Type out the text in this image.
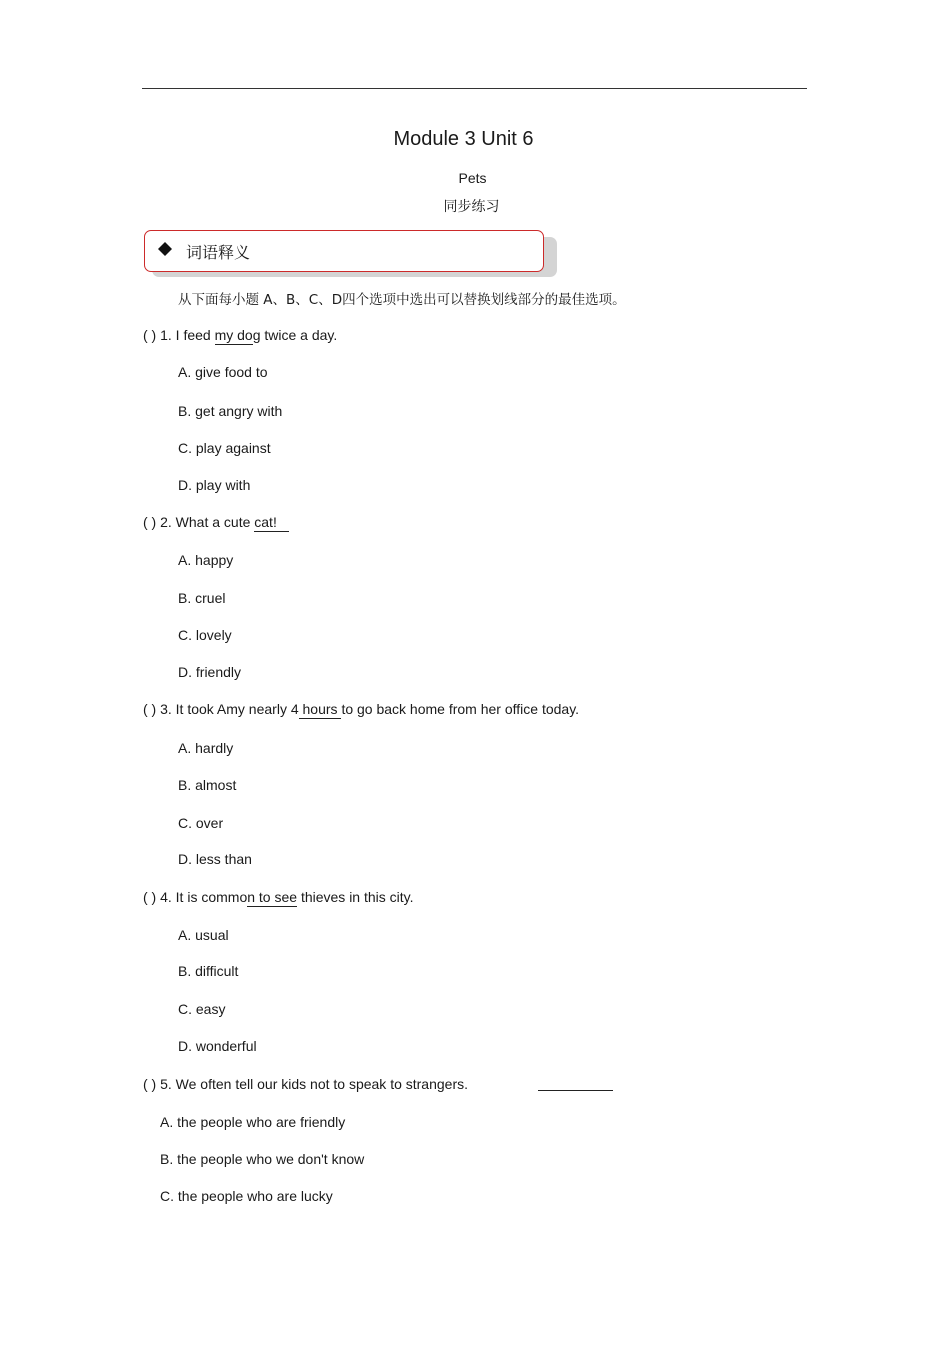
Module 3 Unit 6
Pets
同步练习
词语释义
从下面每小题 A、B、C、D四个选项中选出可以替换划线部分的最佳选项。
( ) 1. I feed my dog twice a day.
A. give food to
B. get angry with
C. play against
D. play with
( ) 2. What a cute cat!
A. happy
B. cruel
C. lovely
D. friendly
( ) 3. It took Amy nearly 4 hours to go back home from her office today.
A. hardly
B. almost
C. over
D. less than
( ) 4. It is common to see thieves in this city.
A. usual
B. difficult
C. easy
D. wonderful
( ) 5. We often tell our kids not to speak to strangers.
A. the people who are friendly
B. the people who we don't know
C. the people who are lucky
